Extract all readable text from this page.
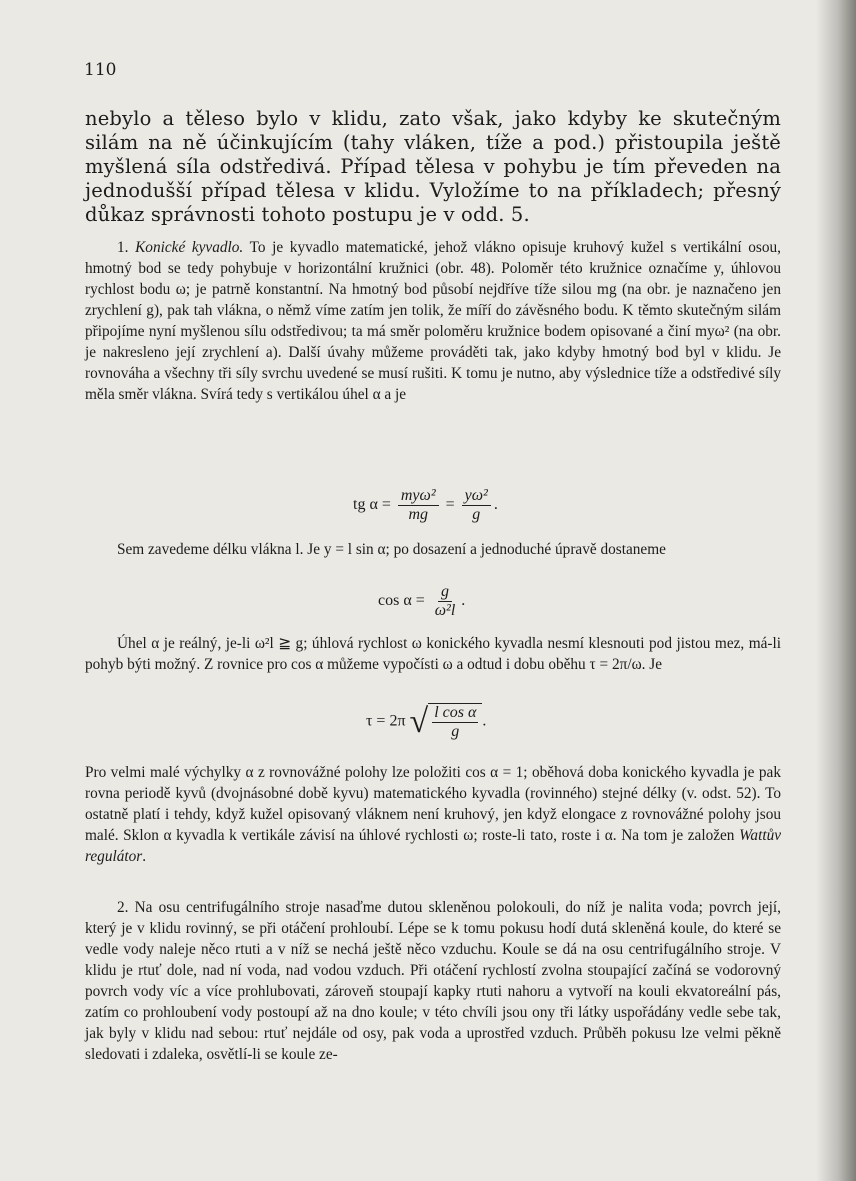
110

nebylo a těleso bylo v klidu, zato však, jako kdyby ke skutečným silám na ně účinkujícím (tahy vláken, tíže a pod.) přistoupila ještě myšlená síla odstředivá. Případ tělesa v pohybu je tím převeden na jednodušší případ tělesa v klidu. Vyložíme to na příkladech; přesný důkaz správnosti tohoto postupu je v odd. 5.

1. Konické kyvadlo. To je kyvadlo matematické, jehož vlákno opisuje kruhový kužel s vertikální osou, hmotný bod se tedy pohybuje v horizontální kružnici (obr. 48). Poloměr této kružnice označíme y, úhlovou rychlost bodu ω; je patrně konstantní. Na hmotný bod působí nejdříve tíže silou mg (na obr. je naznačeno jen zrychlení g), pak tah vlákna, o němž víme zatím jen tolik, že míří do závěsného bodu. K těmto skutečným silám připojíme nyní myšlenou sílu odstředivou; ta má směr poloměru kružnice bodem opisované a činí myω² (na obr. je nakresleno její zrychlení a). Další úvahy můžeme prováděti tak, jako kdyby hmotný bod byl v klidu. Je rovnováha a všechny tři síly svrchu uvedené se musí rušiti. K tomu je nutno, aby výslednice tíže a odstředivé síly měla směr vlákna. Svírá tedy s vertikálou úhel α a je
tg $\alpha = \frac{\text{myω²}}{mg} = \frac{\text{yω²}}{g}$ .
Sem zavedeme délku vlákna l. Je y = l sin α; po dosazení a jednoduché úpravě dostaneme
$\cos \alpha = \frac{g}{\text{ω²l}}$ .
Úhel α je reálný, je-li ω²l ≧ g; úhlová rychlost ω konického kyvadla nesmí klesnouti pod jistou mez, má-li pohyb býti možný. Z rovnice pro cos α můžeme vypočísti ω a odtud i dobu oběhu τ = 2π/ω. Je
τ = 2π √ $\frac{\text{l cos α}}{g}$ .
Pro velmi malé výchylky α z rovnovážné polohy lze položiti cos α = 1; oběhová doba konického kyvadla je pak rovna periodě kyvů (dvojnásobné době kyvu) matematického kyvadla (rovinného) stejné délky (v. odst. 52). To ostatně platí i tehdy, když kužel opisovaný vláknem není kruhový, jen když elongace z rovnovážné polohy jsou malé. Sklon α kyvadla k vertikále závisí na úhlové rychlosti ω; roste-li tato, roste i α. Na tom je založen Wattův regulátor.
2. Na osu centrifugálního stroje nasaďme dutou skleněnou polokouli, do níž je nalita voda; povrch její, který je v klidu rovinný, se při otáčení prohloubí. Lépe se k tomu pokusu hodí dutá skleněná koule, do které se vedle vody naleje něco rtuti a v níž se nechá ještě něco vzduchu. Koule se dá na osu centrifugálního stroje. V klidu je rtuť dole, nad ní voda, nad vodou vzduch. Při otáčení rychlostí zvolna stoupající začíná se vodorovný povrch vody víc a více prohlubovati, zároveň stoupají kapky rtuti nahoru a vytvoří na kouli ekvatoreální pás, zatím co prohloubení vody postoupí až na dno koule; v této chvíli jsou ony tři látky uspořádány vedle sebe tak, jak byly v klidu nad sebou: rtuť nejdále od osy, pak voda a uprostřed vzduch. Průběh pokusu lze velmi pěkně sledovati i zdaleka, osvětlí-li se koule ze-
